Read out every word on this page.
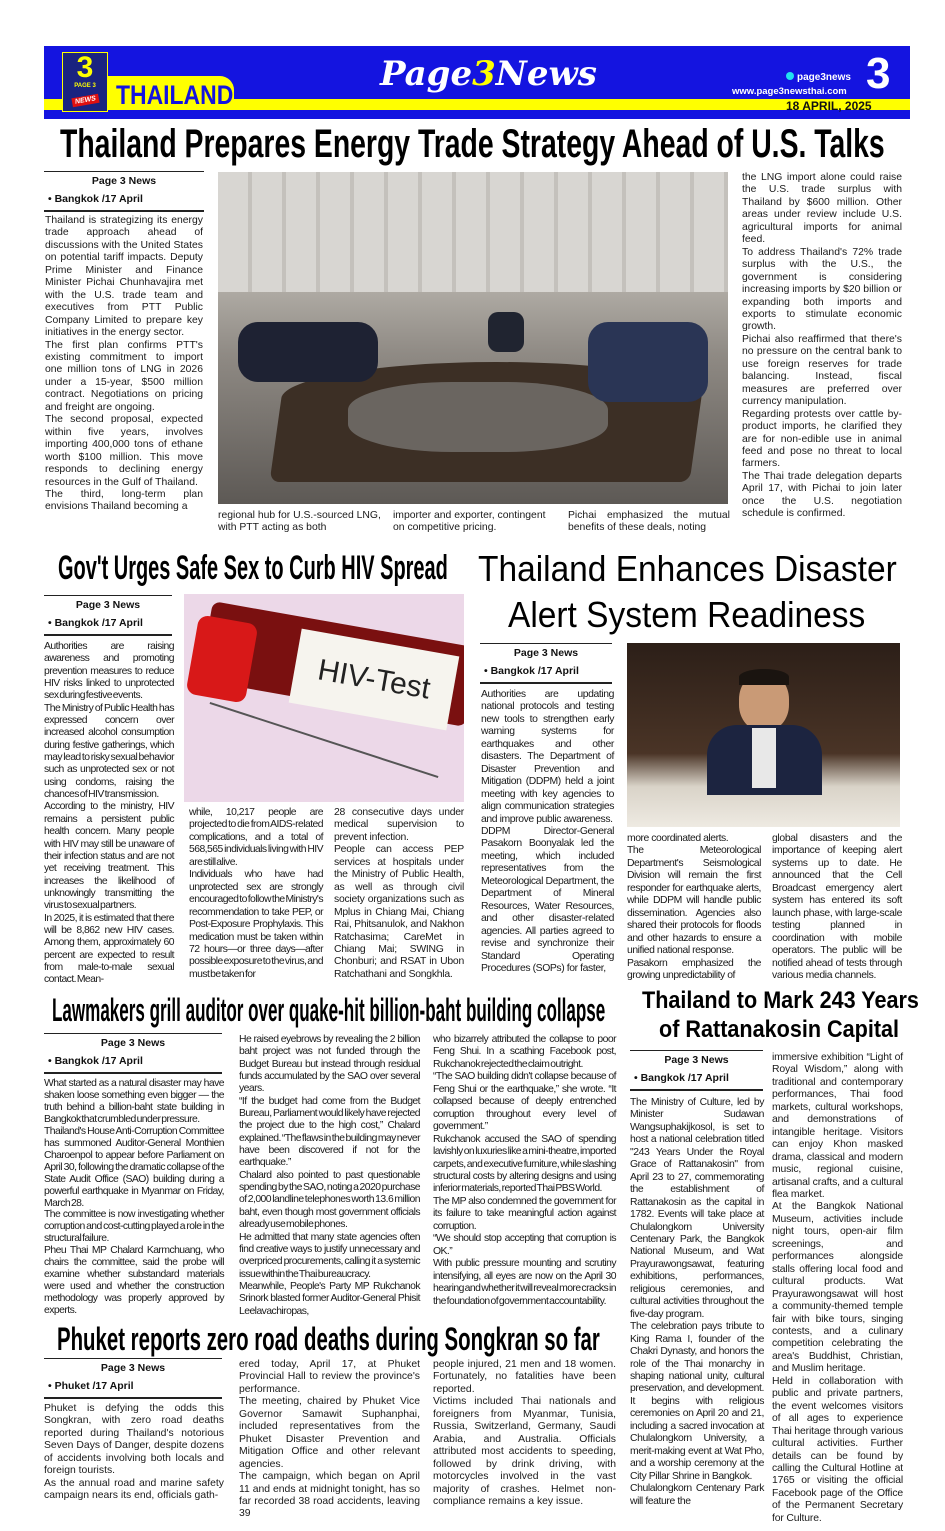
THAILAND
3
PAGE 3
NEWS
Page3News	page3news
www.page3newsthai.com 3
18 APRIL, 2025
Thailand Prepares Energy Trade Strategy Ahead of U.S. Talks
Page 3 News
• Bangkok /17 April

Thailand is strategizing its energy trade approach ahead of discussions with the United States on potential tariff impacts. Deputy Prime Minister and Finance Minister Pichai Chunhavajira met with the U.S. trade team and executives from PTT Public Company Limited to prepare key initiatives in the energy sector.

The first plan confirms PTT's existing commitment to import one million tons of LNG in 2026 under a 15-year, $500 million contract. Negotiations on pricing and freight are ongoing.

The second proposal, expected within five years, involves importing 400,000 tons of ethane worth $100 million. This move responds to declining energy resources in the Gulf of Thailand.

The third, long-term plan envisions Thailand becoming a

regional hub for U.S.-sourced LNG, with PTT acting as both

importer and exporter, contingent on competitive pricing.

Pichai emphasized the mutual benefits of these deals, noting

the LNG import alone could raise the U.S. trade surplus with Thailand by $600 million. Other areas under review include U.S. agricultural imports for animal feed.

To address Thailand's 72% trade surplus with the U.S., the government is considering increasing imports by $20 billion or expanding both imports and exports to stimulate economic growth.

Pichai also reaffirmed that there's no pressure on the central bank to use foreign reserves for trade balancing. Instead, fiscal measures are preferred over currency manipulation.

Regarding protests over cattle by-product imports, he clarified they are for non-edible use in animal feed and pose no threat to local farmers.

The Thai trade delegation departs April 17, with Pichai to join later once the U.S. negotiation schedule is confirmed.

Gov't Urges Safe Sex to Curb HIV Spread
Page 3 News
• Bangkok /17 April

Authorities are raising awareness and promoting prevention measures to reduce HIV risks linked to unprotected sex during festive events.

The Ministry of Public Health has expressed concern over increased alcohol consumption during festive gatherings, which may lead to risky sexual behavior such as unprotected sex or not using condoms, raising the chances of HIV transmission.

According to the ministry, HIV remains a persistent public health concern. Many people with HIV may still be unaware of their infection status and are not yet receiving treatment. This increases the likelihood of unknowingly transmitting the virus to sexual partners.

In 2025, it is estimated that there will be 8,862 new HIV cases. Among them, approximately 60 percent are expected to result from male-to-male sexual contact. Mean-

HIV-Test

while, 10,217 people are projected to die from AIDS-related complications, and a total of 568,565 individuals living with HIV are still alive.

Individuals who have had unprotected sex are strongly encouraged to follow the Ministry's recommendation to take PEP, or Post-Exposure Prophylaxis. This medication must be taken within 72 hours—or three days—after possible exposure to the virus, and must be taken for

28 consecutive days under medical supervision to prevent infection.

People can access PEP services at hospitals under the Ministry of Public Health, as well as through civil society organizations such as Mplus in Chiang Mai, Chiang Rai, Phitsanulok, and Nakhon Ratchasima; CareMet in Chiang Mai; SWING in Chonburi; and RSAT in Ubon Ratchathani and Songkhla.

Thailand Enhances Disaster
Alert System Readiness
Page 3 News
• Bangkok /17 April

Authorities are updating national protocols and testing new tools to strengthen early warning systems for earthquakes and other disasters. The Department of Disaster Prevention and Mitigation (DDPM) held a joint meeting with key agencies to align communication strategies and improve public awareness.

DDPM Director-General Pasakorn Boonyalak led the meeting, which included representatives from the Meteorological Department, the Department of Mineral Resources, Water Resources, and other disaster-related agencies. All parties agreed to revise and synchronize their Standard Operating Procedures (SOPs) for faster,

more coordinated alerts.

The Meteorological Department's Seismological Division will remain the first responder for earthquake alerts, while DDPM will handle public dissemination. Agencies also shared their protocols for floods and other hazards to ensure a unified national response.

Pasakorn emphasized the growing unpredictability of

global disasters and the importance of keeping alert systems up to date. He announced that the Cell Broadcast emergency alert system has entered its soft launch phase, with large-scale testing planned in coordination with mobile operators. The public will be notified ahead of tests through various media channels.

Lawmakers grill auditor over quake-hit billion-baht building collapse
Page 3 News
• Bangkok /17 April

What started as a natural disaster may have shaken loose something even bigger — the truth behind a billion-baht state building in Bangkok that crumbled under pressure.

Thailand's House Anti-Corruption Committee has summoned Auditor-General Monthien Charoenpol to appear before Parliament on April 30, following the dramatic collapse of the State Audit Office (SAO) building during a powerful earthquake in Myanmar on Friday, March 28.

The committee is now investigating whether corruption and cost-cutting played a role in the structural failure.

Pheu Thai MP Chalard Karmchuang, who chairs the committee, said the probe will examine whether substandard materials were used and whether the construction methodology was properly approved by experts.

He raised eyebrows by revealing the 2 billion baht project was not funded through the Budget Bureau but instead through residual funds accumulated by the SAO over several years.

“If the budget had come from the Budget Bureau, Parliament would likely have rejected the project due to the high cost,” Chalard explained. “The flaws in the building may never have been discovered if not for the earthquake.”

Chalard also pointed to past questionable spending by the SAO, noting a 2020 purchase of 2,000 landline telephones worth 13.6 million baht, even though most government officials already use mobile phones.

He admitted that many state agencies often find creative ways to justify unnecessary and overpriced procurements, calling it a systemic issue within the Thai bureaucracy.

Meanwhile, People's Party MP Rukchanok Srinork blasted former Auditor-General Phisit Leelavachiropas,

who bizarrely attributed the collapse to poor Feng Shui. In a scathing Facebook post, Rukchanok rejected the claim outright.

“The SAO building didn't collapse because of Feng Shui or the earthquake,” she wrote. “It collapsed because of deeply entrenched corruption throughout every level of government.”

Rukchanok accused the SAO of spending lavishly on luxuries like a mini-theatre, imported carpets, and executive furniture, while slashing structural costs by altering designs and using inferior materials, reported Thai PBS World.

The MP also condemned the government for its failure to take meaningful action against corruption.

“We should stop accepting that corruption is OK.”

With public pressure mounting and scrutiny intensifying, all eyes are now on the April 30 hearing and whether it will reveal more cracks in the foundation of government accountability.

Thailand to Mark 243 Years
of Rattanakosin Capital
Page 3 News
• Bangkok /17 April

The Ministry of Culture, led by Minister Sudawan Wangsuphakijkosol, is set to host a national celebration titled "243 Years Under the Royal Grace of Rattanakosin" from April 23 to 27, commemorating the establishment of Rattanakosin as the capital in 1782. Events will take place at Chulalongkorn University Centenary Park, the Bangkok National Museum, and Wat Prayurawongsawat, featuring exhibitions, performances, religious ceremonies, and cultural activities throughout the five-day program.

The celebration pays tribute to King Rama I, founder of the Chakri Dynasty, and honors the role of the Thai monarchy in shaping national unity, cultural preservation, and development. It begins with religious ceremonies on April 20 and 21, including a sacred invocation at Chulalongkorn University, a merit-making event at Wat Pho, and a worship ceremony at the City Pillar Shrine in Bangkok.

Chulalongkorn Centenary Park will feature the

immersive exhibition “Light of Royal Wisdom,” along with traditional and contemporary performances, Thai food markets, cultural workshops, and demonstrations of intangible heritage. Visitors can enjoy Khon masked drama, classical and modern music, regional cuisine, artisanal crafts, and a cultural flea market.

At the Bangkok National Museum, activities include night tours, open-air film screenings, and performances alongside stalls offering local food and cultural products. Wat Prayurawongsawat will host a community-themed temple fair with bike tours, singing contests, and a culinary competition celebrating the area's Buddhist, Christian, and Muslim heritage.

Held in collaboration with public and private partners, the event welcomes visitors of all ages to experience Thai heritage through various cultural activities. Further details can be found by calling the Cultural Hotline at 1765 or visiting the official Facebook page of the Office of the Permanent Secretary for Culture.

Phuket reports zero road deaths during Songkran so far
Page 3 News
• Phuket /17 April

Phuket is defying the odds this Songkran, with zero road deaths reported during Thailand's notorious Seven Days of Danger, despite dozens of accidents involving both locals and foreign tourists.

As the annual road and marine safety campaign nears its end, officials gath-

ered today, April 17, at Phuket Provincial Hall to review the province's performance.

The meeting, chaired by Phuket Vice Governor Samawit Suphanphai, included representatives from the Phuket Disaster Prevention and Mitigation Office and other relevant agencies.

The campaign, which began on April 11 and ends at midnight tonight, has so far recorded 38 road accidents, leaving 39

people injured, 21 men and 18 women. Fortunately, no fatalities have been reported.

Victims included Thai nationals and foreigners from Myanmar, Tunisia, Russia, Switzerland, Germany, Saudi Arabia, and Australia. Officials attributed most accidents to speeding, followed by drink driving, with motorcycles involved in the vast majority of crashes. Helmet non-compliance remains a key issue.
